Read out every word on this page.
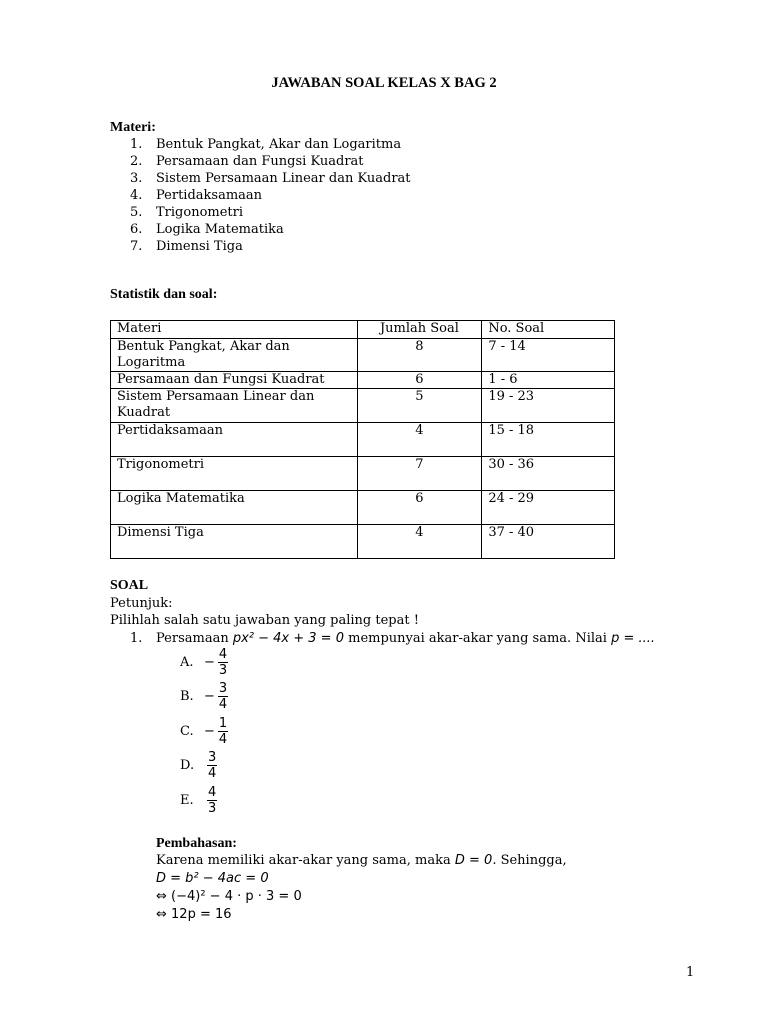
JAWABAN SOAL KELAS X BAG 2
Materi:
1.	Bentuk Pangkat, Akar dan Logaritma
2.	Persamaan dan Fungsi Kuadrat
3.	Sistem Persamaan Linear dan Kuadrat
4.	Pertidaksamaan
5.	Trigonometri
6.	Logika Matematika
7.	Dimensi Tiga
Statistik dan soal:
Materi	Jumlah Soal	No. Soal
Bentuk Pangkat, Akar dan Logaritma	8	7 - 14
Persamaan dan Fungsi Kuadrat	6	1 - 6
Sistem Persamaan Linear dan Kuadrat	5	19 - 23
Pertidaksamaan	4	15 - 18
Trigonometri	7	30 - 36
Logika Matematika	6	24 - 29
Dimensi Tiga	4	37 - 40
SOAL
Petunjuk:
Pilihlah salah satu jawaban yang paling tepat !
1. Persamaan px² − 4x + 3 = 0 mempunyai akar-akar yang sama. Nilai p = ....
A. − $\frac{4}{3}$
B. − $\frac{3}{4}$
C. − $\frac{1}{4}$
D. $\frac{3}{4}$
E.	$\frac{4}{3}$
Pembahasan:
Karena memiliki akar-akar yang sama, maka D = 0. Sehingga,
D = b² − 4ac = 0
⇔ (−4)² − 4 · p · 3 = 0
⇔ 12p = 16
1
